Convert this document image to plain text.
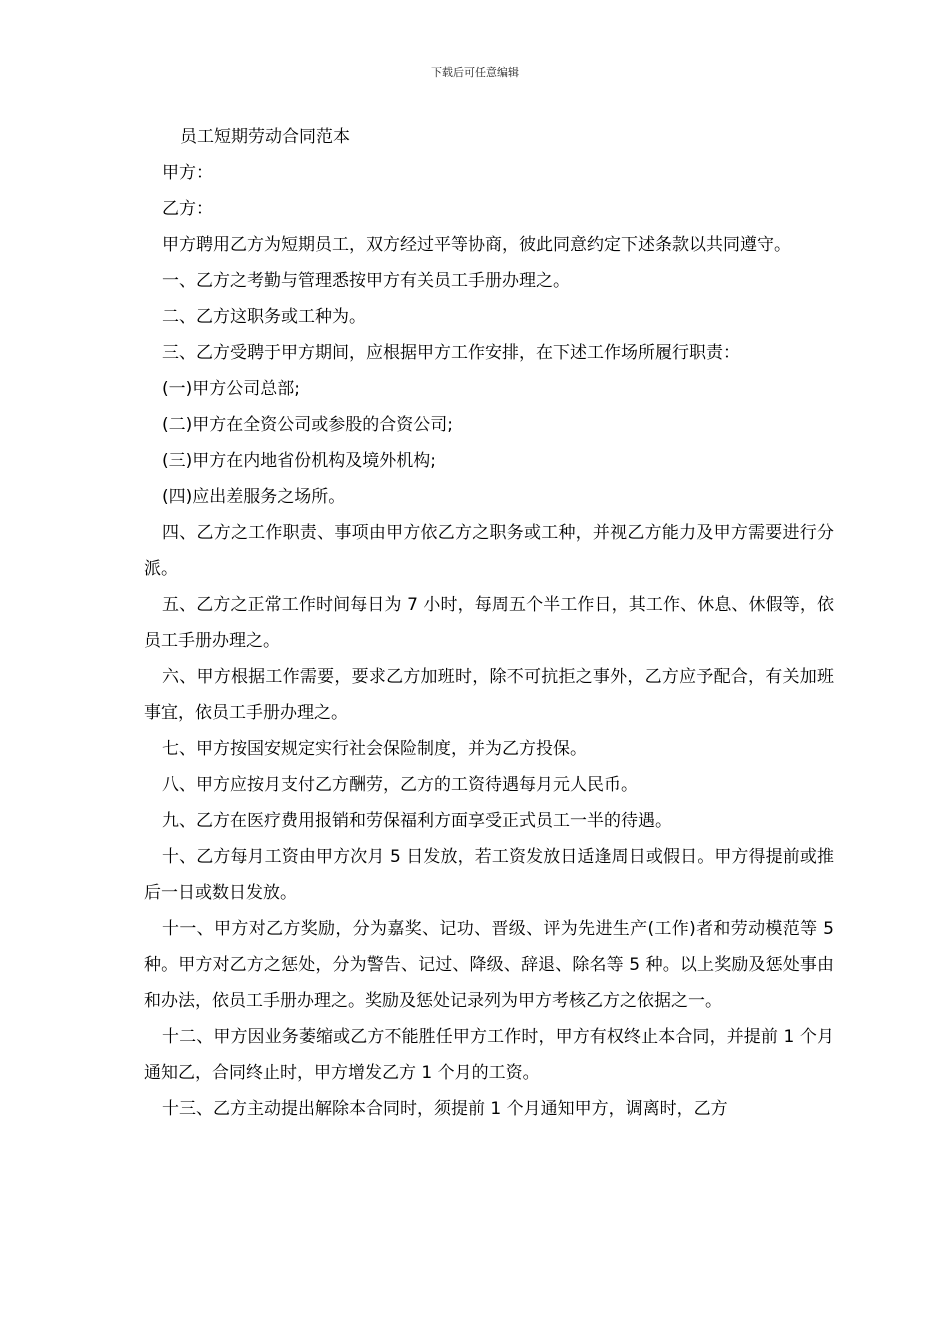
下载后可任意编辑

员工短期劳动合同范本

甲方：

乙方：

甲方聘用乙方为短期员工，双方经过平等协商，彼此同意约定下述条款以共同遵守。

一、乙方之考勤与管理悉按甲方有关员工手册办理之。

二、乙方这职务或工种为。

三、乙方受聘于甲方期间，应根据甲方工作安排，在下述工作场所履行职责：

(一)甲方公司总部;

(二)甲方在全资公司或参股的合资公司;

(三)甲方在内地省份机构及境外机构;

(四)应出差服务之场所。

四、乙方之工作职责、事项由甲方依乙方之职务或工种，并视乙方能力及甲方需要进行分派。

五、乙方之正常工作时间每日为 7 小时，每周五个半工作日，其工作、休息、休假等，依员工手册办理之。

六、甲方根据工作需要，要求乙方加班时，除不可抗拒之事外，乙方应予配合，有关加班事宜，依员工手册办理之。

七、甲方按国安规定实行社会保险制度，并为乙方投保。

八、甲方应按月支付乙方酬劳，乙方的工资待遇每月元人民币。

九、乙方在医疗费用报销和劳保福利方面享受正式员工一半的待遇。

十、乙方每月工资由甲方次月 5 日发放，若工资发放日适逢周日或假日。甲方得提前或推后一日或数日发放。

十一、甲方对乙方奖励，分为嘉奖、记功、晋级、评为先进生产(工作)者和劳动模范等 5 种。甲方对乙方之惩处，分为警告、记过、降级、辞退、除名等 5 种。以上奖励及惩处事由和办法，依员工手册办理之。奖励及惩处记录列为甲方考核乙方之依据之一。

十二、甲方因业务萎缩或乙方不能胜任甲方工作时，甲方有权终止本合同，并提前 1 个月通知乙，合同终止时，甲方增发乙方 1 个月的工资。

十三、乙方主动提出解除本合同时，须提前 1 个月通知甲方，调离时，乙方
